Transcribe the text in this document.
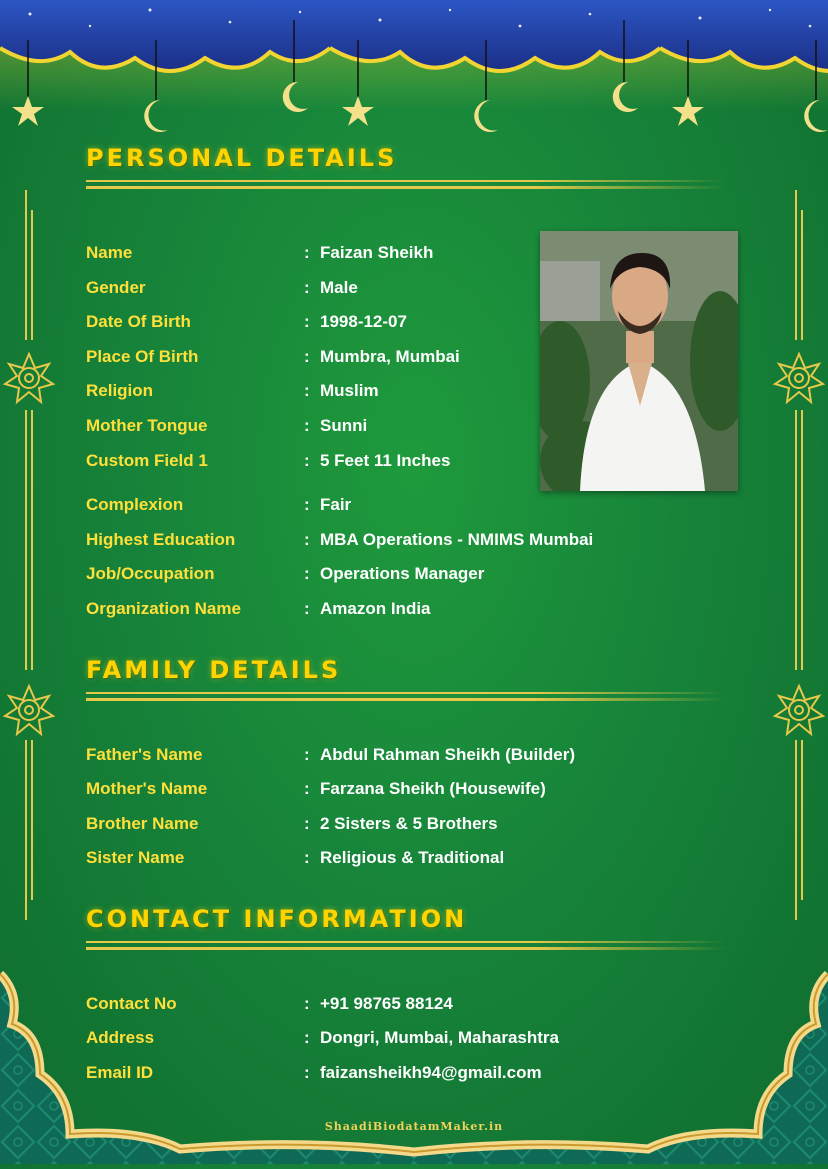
PERSONAL DETAILS
Name	: Faizan Sheikh
Gender	: Male
Date Of Birth	: 1998-12-07
Place Of Birth	: Mumbra, Mumbai
Religion	: Muslim
Mother Tongue	: Sunni
Custom Field 1	: 5 Feet 11 Inches
Complexion	: Fair
Highest Education	: MBA Operations - NMIMS Mumbai
Job/Occupation	: Operations Manager
Organization Name	: Amazon India
FAMILY DETAILS
Father's Name	: Abdul Rahman Sheikh (Builder)
Mother's Name	: Farzana Sheikh (Housewife)
Brother Name	: 2 Sisters & 5 Brothers
Sister Name	: Religious & Traditional
CONTACT INFORMATION
Contact No	: +91 98765 88124
Address	: Dongri, Mumbai, Maharashtra
Email ID	: faizansheikh94@gmail.com
ShaadiBiodatamMaker.in
